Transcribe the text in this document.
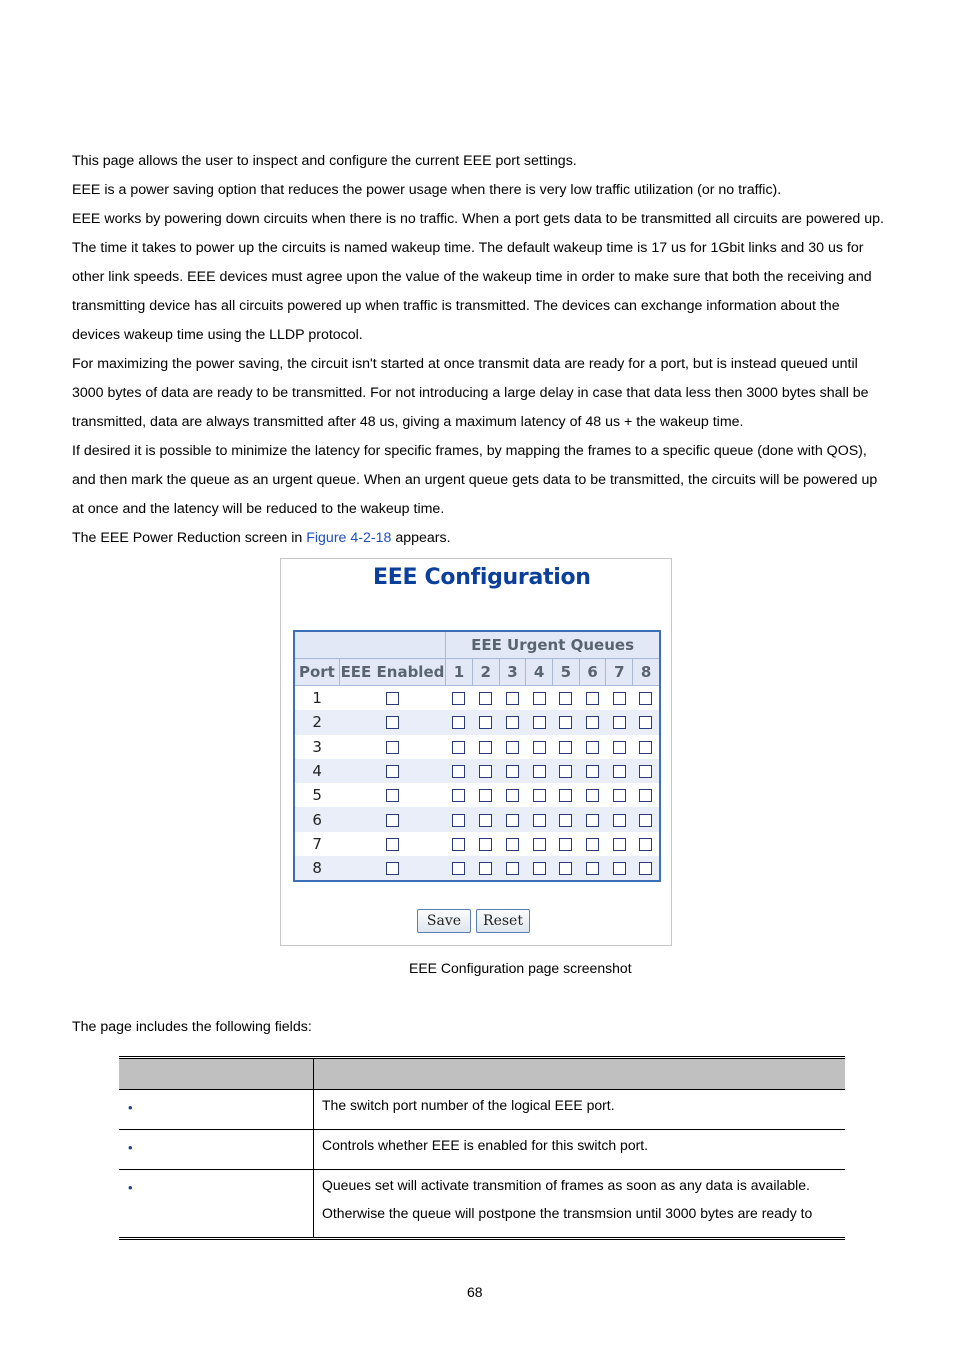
This page allows the user to inspect and configure the current EEE port settings.

EEE is a power saving option that reduces the power usage when there is very low traffic utilization (or no traffic).

EEE works by powering down circuits when there is no traffic. When a port gets data to be transmitted all circuits are powered up. The time it takes to power up the circuits is named wakeup time. The default wakeup time is 17 us for 1Gbit links and 30 us for other link speeds. EEE devices must agree upon the value of the wakeup time in order to make sure that both the receiving and transmitting device has all circuits powered up when traffic is transmitted. The devices can exchange information about the devices wakeup time using the LLDP protocol.

For maximizing the power saving, the circuit isn't started at once transmit data are ready for a port, but is instead queued until 3000 bytes of data are ready to be transmitted. For not introducing a large delay in case that data less then 3000 bytes shall be transmitted, data are always transmitted after 48 us, giving a maximum latency of 48 us + the wakeup time.

If desired it is possible to minimize the latency for specific frames, by mapping the frames to a specific queue (done with QOS), and then mark the queue as an urgent queue. When an urgent queue gets data to be transmitted, the circuits will be powered up at once and the latency will be reduced to the wakeup time.

The EEE Power Reduction screen in Figure 4-2-18 appears.

EEE Configuration
		EEE Urgent Queues							
Port	EEE Enabled	1	2	3	4	5	6	7	8
1									
2									
3									
4									
5									
6									
7									
8									
Save Reset
EEE Configuration page screenshot

The page includes the following fields:

•	The switch port number of the logical EEE port.

•	Controls whether EEE is enabled for this switch port.

•	Queues set will activate transmition of frames as soon as any data is available.
Otherwise the queue will postpone the transmsion until 3000 bytes are ready to
68
